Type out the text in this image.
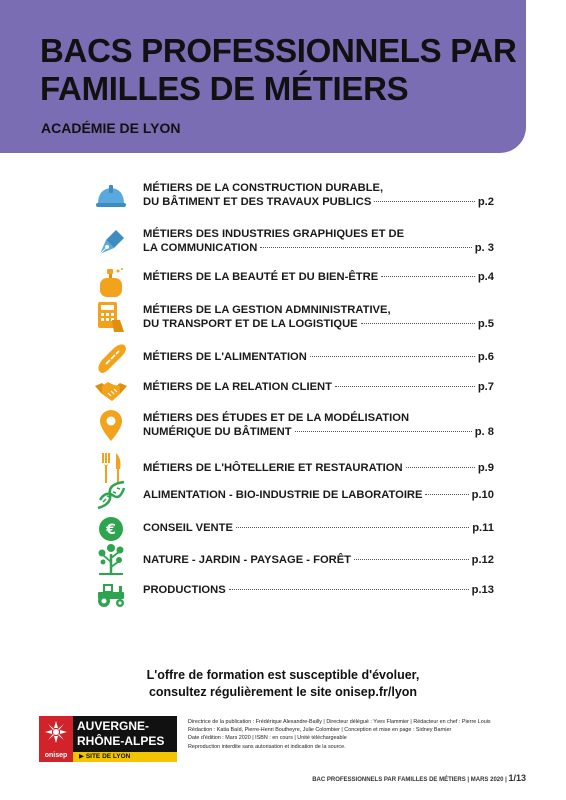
BACS PROFESSIONNELS PAR
FAMILLES DE MÉTIERS
ACADÉMIE DE LYON
MÉTIERS DE LA CONSTRUCTION DURABLE,
DU BÂTIMENT ET DES TRAVAUX PUBLICS	p.2
MÉTIERS DES INDUSTRIES GRAPHIQUES ET DE
LA COMMUNICATION	p. 3
MÉTIERS DE LA BEAUTÉ ET DU BIEN-ÊTRE	p.4
MÉTIERS DE LA GESTION ADMNINISTRATIVE,
DU TRANSPORT ET DE LA LOGISTIQUE	p.5
MÉTIERS DE L'ALIMENTATION	p.6
MÉTIERS DE LA RELATION CLIENT	p.7
MÉTIERS DES ÉTUDES ET DE LA MODÉLISATION
NUMÉRIQUE DU BÂTIMENT	p. 8
MÉTIERS DE L'HÔTELLERIE ET RESTAURATION	p.9
ALIMENTATION - BIO-INDUSTRIE DE LABORATOIRE	p.10
€ CONSEIL VENTE	p.11
NATURE - JARDIN - PAYSAGE - FORÊT	p.12
PRODUCTIONS	p.13
L'offre de formation est susceptible d'évoluer,
consultez régulièrement le site onisep.fr/lyon
onisep
AUVERGNE-
RHÔNE-ALPES
▶ SITE DE LYON
Directrice de la publication : Frédérique Alexandre-Bailly | Directeur délégué : Yves Flammier | Rédacteur en chef : Pierre Louis
Rédaction : Katia Baïd, Pierre-Henri Boutheyre, Julie Colombier | Conception et mise en page : Sidney Barnier
Date d'édition : Mars 2020 | ISBN : en cours | Unité téléchargeable
Reproduction interdite sans autorisation et indication de la source.
BAC PROFESSIONNELS PAR FAMILLES DE MÉTIERS | MARS 2020 | 1/13
